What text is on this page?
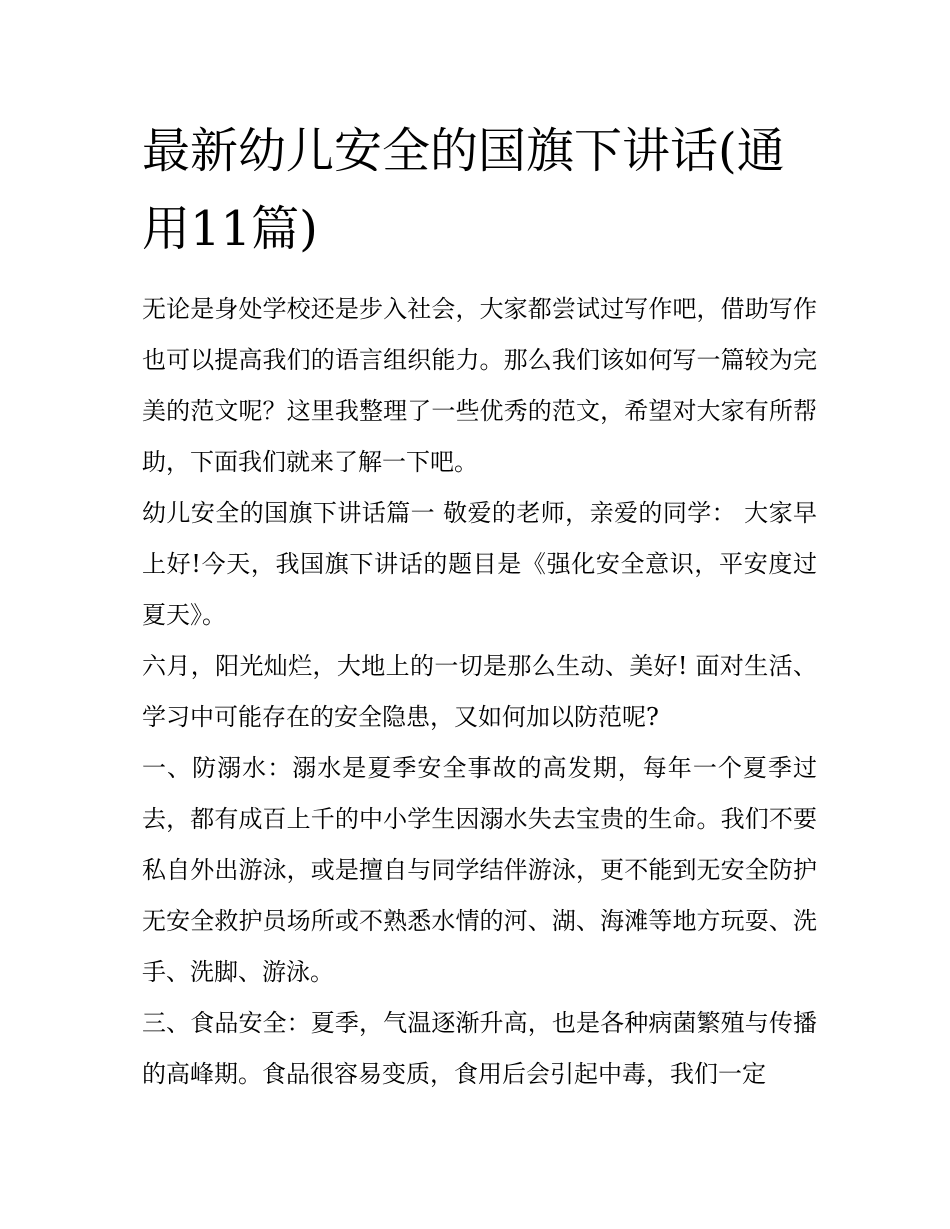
最新幼儿安全的国旗下讲话(通用11篇)

无论是身处学校还是步入社会，大家都尝试过写作吧，借助写作也可以提高我们的语言组织能力。那么我们该如何写一篇较为完美的范文呢？这里我整理了一些优秀的范文，希望对大家有所帮助，下面我们就来了解一下吧。

幼儿安全的国旗下讲话篇一 敬爱的老师，亲爱的同学： 大家早上好!今天，我国旗下讲话的题目是《强化安全意识，平安度过夏天》。

六月，阳光灿烂，大地上的一切是那么生动、美好! 面对生活、学习中可能存在的安全隐患，又如何加以防范呢?

一、防溺水：溺水是夏季安全事故的高发期，每年一个夏季过去，都有成百上千的中小学生因溺水失去宝贵的生命。我们不要私自外出游泳，或是擅自与同学结伴游泳，更不能到无安全防护无安全救护员场所或不熟悉水情的河、湖、海滩等地方玩耍、洗手、洗脚、游泳。

三、食品安全：夏季，气温逐渐升高，也是各种病菌繁殖与传播的高峰期。食品很容易变质，食用后会引起中毒，我们一定
